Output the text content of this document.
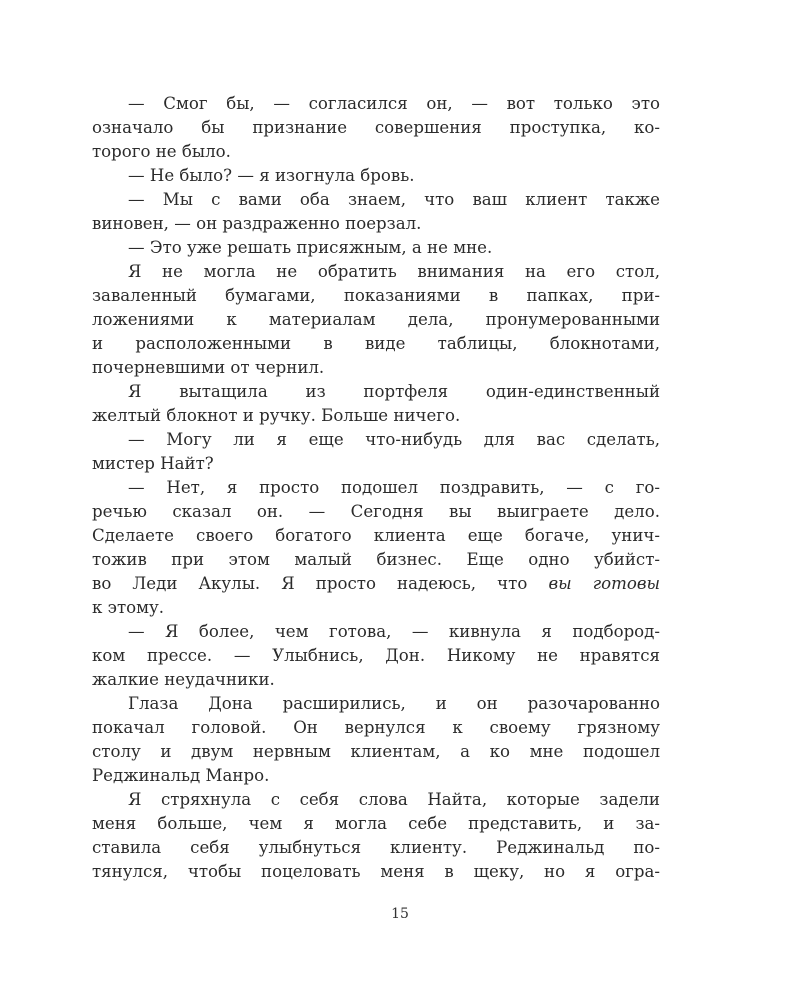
— Смог бы, — согласился он, — вот только это
означало бы признание совершения проступка, ко-
торого не было.
— Не было? — я изогнула бровь.
— Мы с вами оба знаем, что ваш клиент также
виновен, — он раздраженно поерзал.
— Это уже решать присяжным, а не мне.
Я не могла не обратить внимания на его стол,
заваленный бумагами, показаниями в папках, при-
ложениями к материалам дела, пронумерованными
и расположенными в виде таблицы, блокнотами,
почерневшими от чернил.
Я вытащила из портфеля один-единственный
желтый блокнот и ручку. Больше ничего.
— Могу ли я еще что-нибудь для вас сделать,
мистер Найт?
— Нет, я просто подошел поздравить, — с го-
речью сказал он. — Сегодня вы выиграете дело.
Сделаете своего богатого клиента еще богаче, унич-
тожив при этом малый бизнес. Еще одно убийст-
во Леди Акулы. Я просто надеюсь, что вы готовы
к этому.
— Я более, чем готова, — кивнула я подбород-
ком прессе. — Улыбнись, Дон. Никому не нравятся
жалкие неудачники.
Глаза Дона расширились, и он разочарованно
покачал головой. Он вернулся к своему грязному
столу и двум нервным клиентам, а ко мне подошел
Реджинальд Манро.
Я стряхнула с себя слова Найта, которые задели
меня больше, чем я могла себе представить, и за-
ставила себя улыбнуться клиенту. Реджинальд по-
тянулся, чтобы поцеловать меня в щеку, но я огра-
15
